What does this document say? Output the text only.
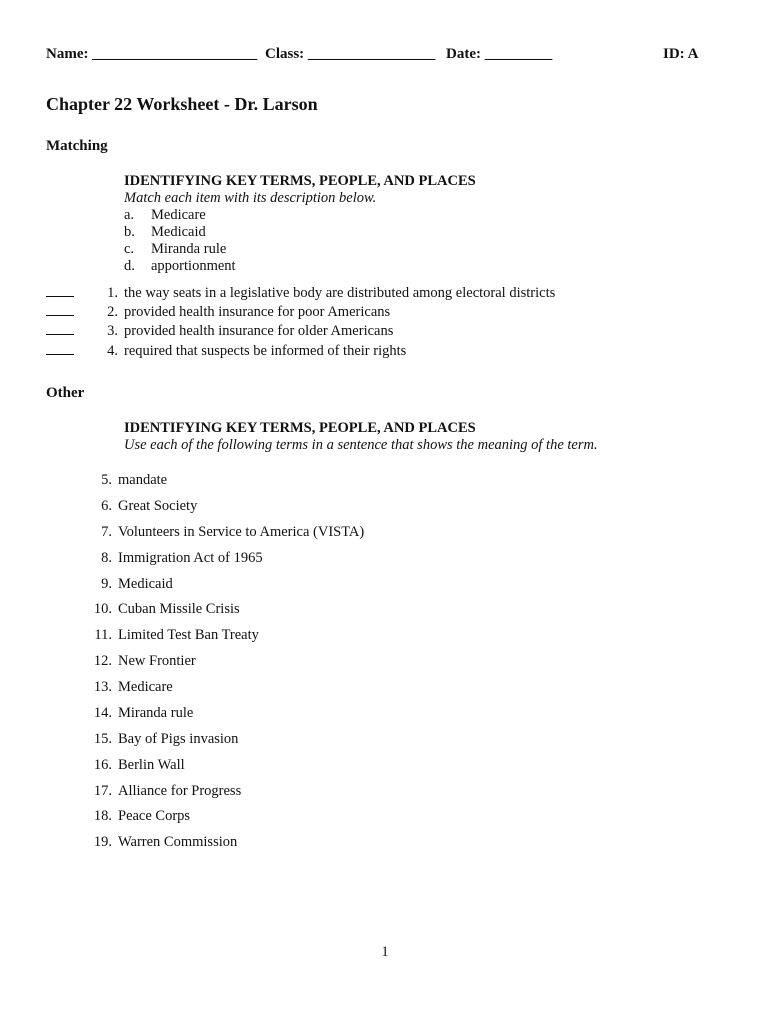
Name: ______________________ Class: _________________ Date: _________	ID: A
Chapter 22 Worksheet - Dr. Larson
Matching
IDENTIFYING KEY TERMS, PEOPLE, AND PLACES
Match each item with its description below.
a. Medicare
b. Medicaid
c. Miranda rule
d. apportionment
1. the way seats in a legislative body are distributed among electoral districts
2. provided health insurance for poor Americans
3. provided health insurance for older Americans
4. required that suspects be informed of their rights
Other
IDENTIFYING KEY TERMS, PEOPLE, AND PLACES
Use each of the following terms in a sentence that shows the meaning of the term.
5. mandate
6. Great Society
7. Volunteers in Service to America (VISTA)
8. Immigration Act of 1965
9. Medicaid
10. Cuban Missile Crisis
11. Limited Test Ban Treaty
12. New Frontier
13. Medicare
14. Miranda rule
15. Bay of Pigs invasion
16. Berlin Wall
17. Alliance for Progress
18. Peace Corps
19. Warren Commission
1
